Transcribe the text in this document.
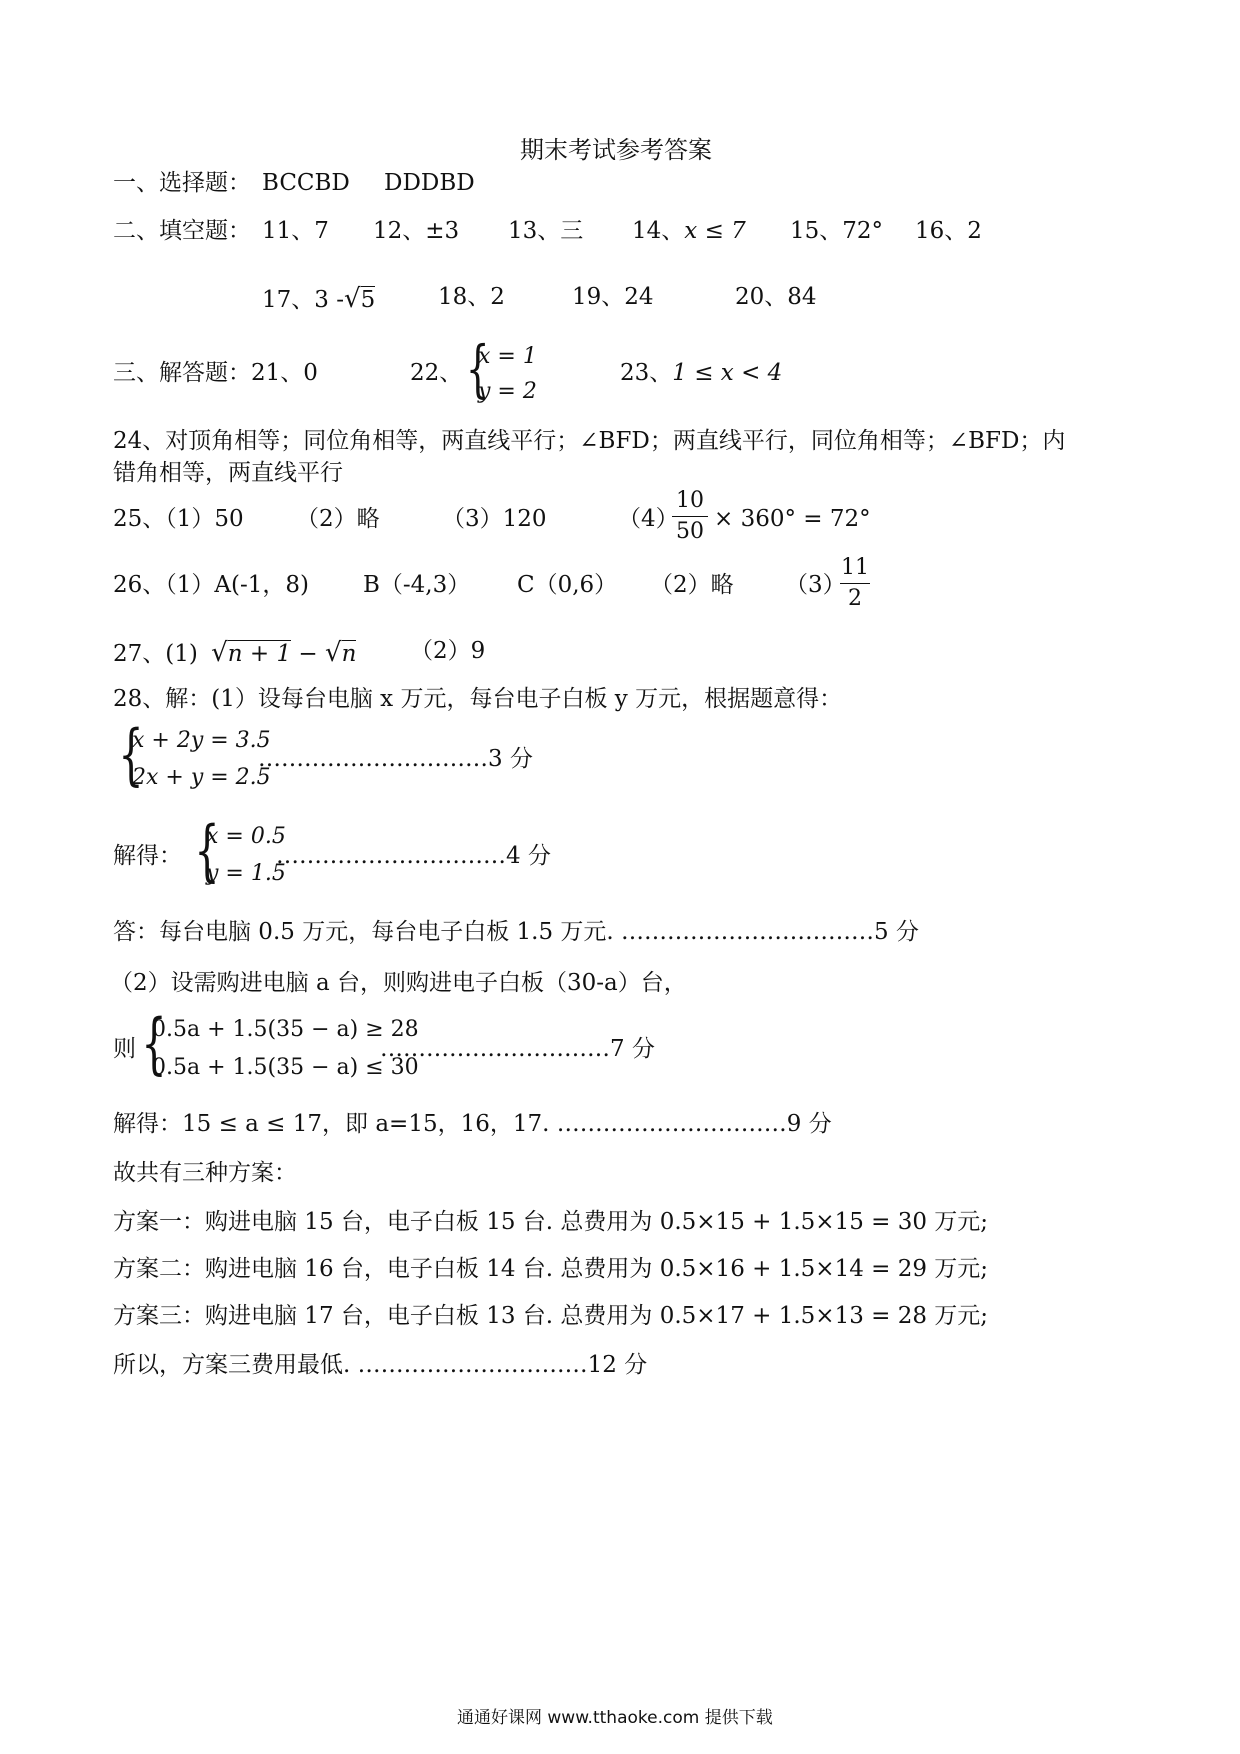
期末考试参考答案
一、选择题： BCCBD DDDBD
二、填空题： 11、7 12、±3 13、三 14、x ≤ 7 15、72° 16、2
17、3 -√5	18、2	19、24	20、84
三、解答题：21、0	22、 {
x = 1
y = 2
23、1 ≤ x < 4
24、对顶角相等；同位角相等，两直线平行；∠BFD；两直线平行，同位角相等；∠BFD；内
错角相等，两直线平行
25、（1）50 （2）略	（3）120	（4）
10
50 × 360° = 72°
26、（1）A(-1，8) B（-4,3） C（0,6） （2）略 （3）
11
2
27、(1) √n + 1 − √n （2）9
28、解：(1）设每台电脑 x 万元，每台电子白板 y 万元，根据题意得：
{
x + 2y = 3.5
2x + y = 2.5
…………………………3 分
解得： {
x = 0.5
y = 1.5
…………………………4 分
答：每台电脑 0.5 万元，每台电子白板 1.5 万元. ……………………………5 分
（2）设需购进电脑 a 台，则购进电子白板（30-a）台，
则 {
0.5a + 1.5(35 − a) ≥ 28
0.5a + 1.5(35 − a) ≤ 30
…………………………7 分
解得：15 ≤ a ≤ 17，即 a=15，16，17. …………………………9 分
故共有三种方案：
方案一：购进电脑 15 台，电子白板 15 台. 总费用为 0.5×15 + 1.5×15 = 30 万元;
方案二：购进电脑 16 台，电子白板 14 台. 总费用为 0.5×16 + 1.5×14 = 29 万元;
方案三：购进电脑 17 台，电子白板 13 台. 总费用为 0.5×17 + 1.5×13 = 28 万元;
所以，方案三费用最低. …………………………12 分
通通好课网 www.tthaoke.com 提供下载
